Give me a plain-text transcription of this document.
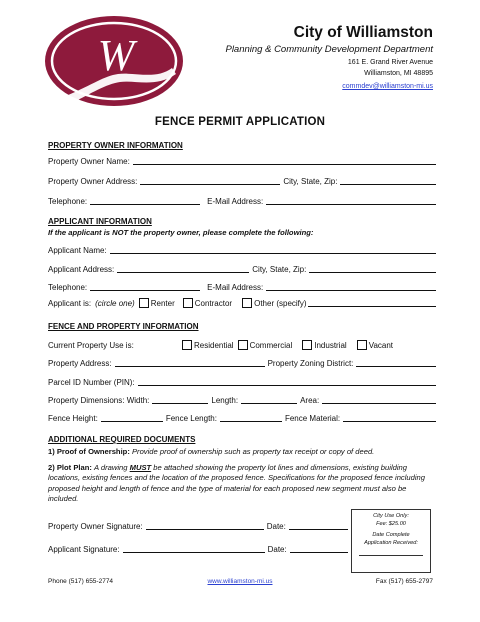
W	City of Williamston
Planning & Community Development Department
161 E. Grand River Avenue
Williamston, MI 48895
commdev@williamston-mi.us
FENCE PERMIT APPLICATION
PROPERTY OWNER INFORMATION
Property Owner Name:
Property Owner Address:	City, State, Zip:
Telephone:	E-Mail Address:
APPLICANT INFORMATION
If the applicant is NOT the property owner, please complete the following:
Applicant Name:
Applicant Address:	City, State, Zip:
Telephone:	E-Mail Address:
Applicant is: (circle one) Renter	Contractor	Other (specify)
FENCE AND PROPERTY INFORMATION
Current Property Use is:	Residential Commercial	Industrial	Vacant
Property Address:	Property Zoning District:
Parcel ID Number (PIN):
Property Dimensions: Width:	Length:	Area:
Fence Height:	Fence Length:	Fence Material:
ADDITIONAL REQUIRED DOCUMENTS
1) Proof of Ownership: Provide proof of ownership such as property tax receipt or copy of deed.
2) Plot Plan: A drawing MUST be attached showing the property lot lines and dimensions, existing building locations, existing fences and the location of the proposed fence. Specifications for the proposed fence including proposed height and length of fence and the type of material for each proposed new segment must also be included.
Property Owner Signature:	Date:
Applicant Signature:	Date:
City Use Only:
Fee: $25.00
Date Complete
Application Received:
Phone (517) 655-2774	www.williamston-mi.us	Fax (517) 655-2797
